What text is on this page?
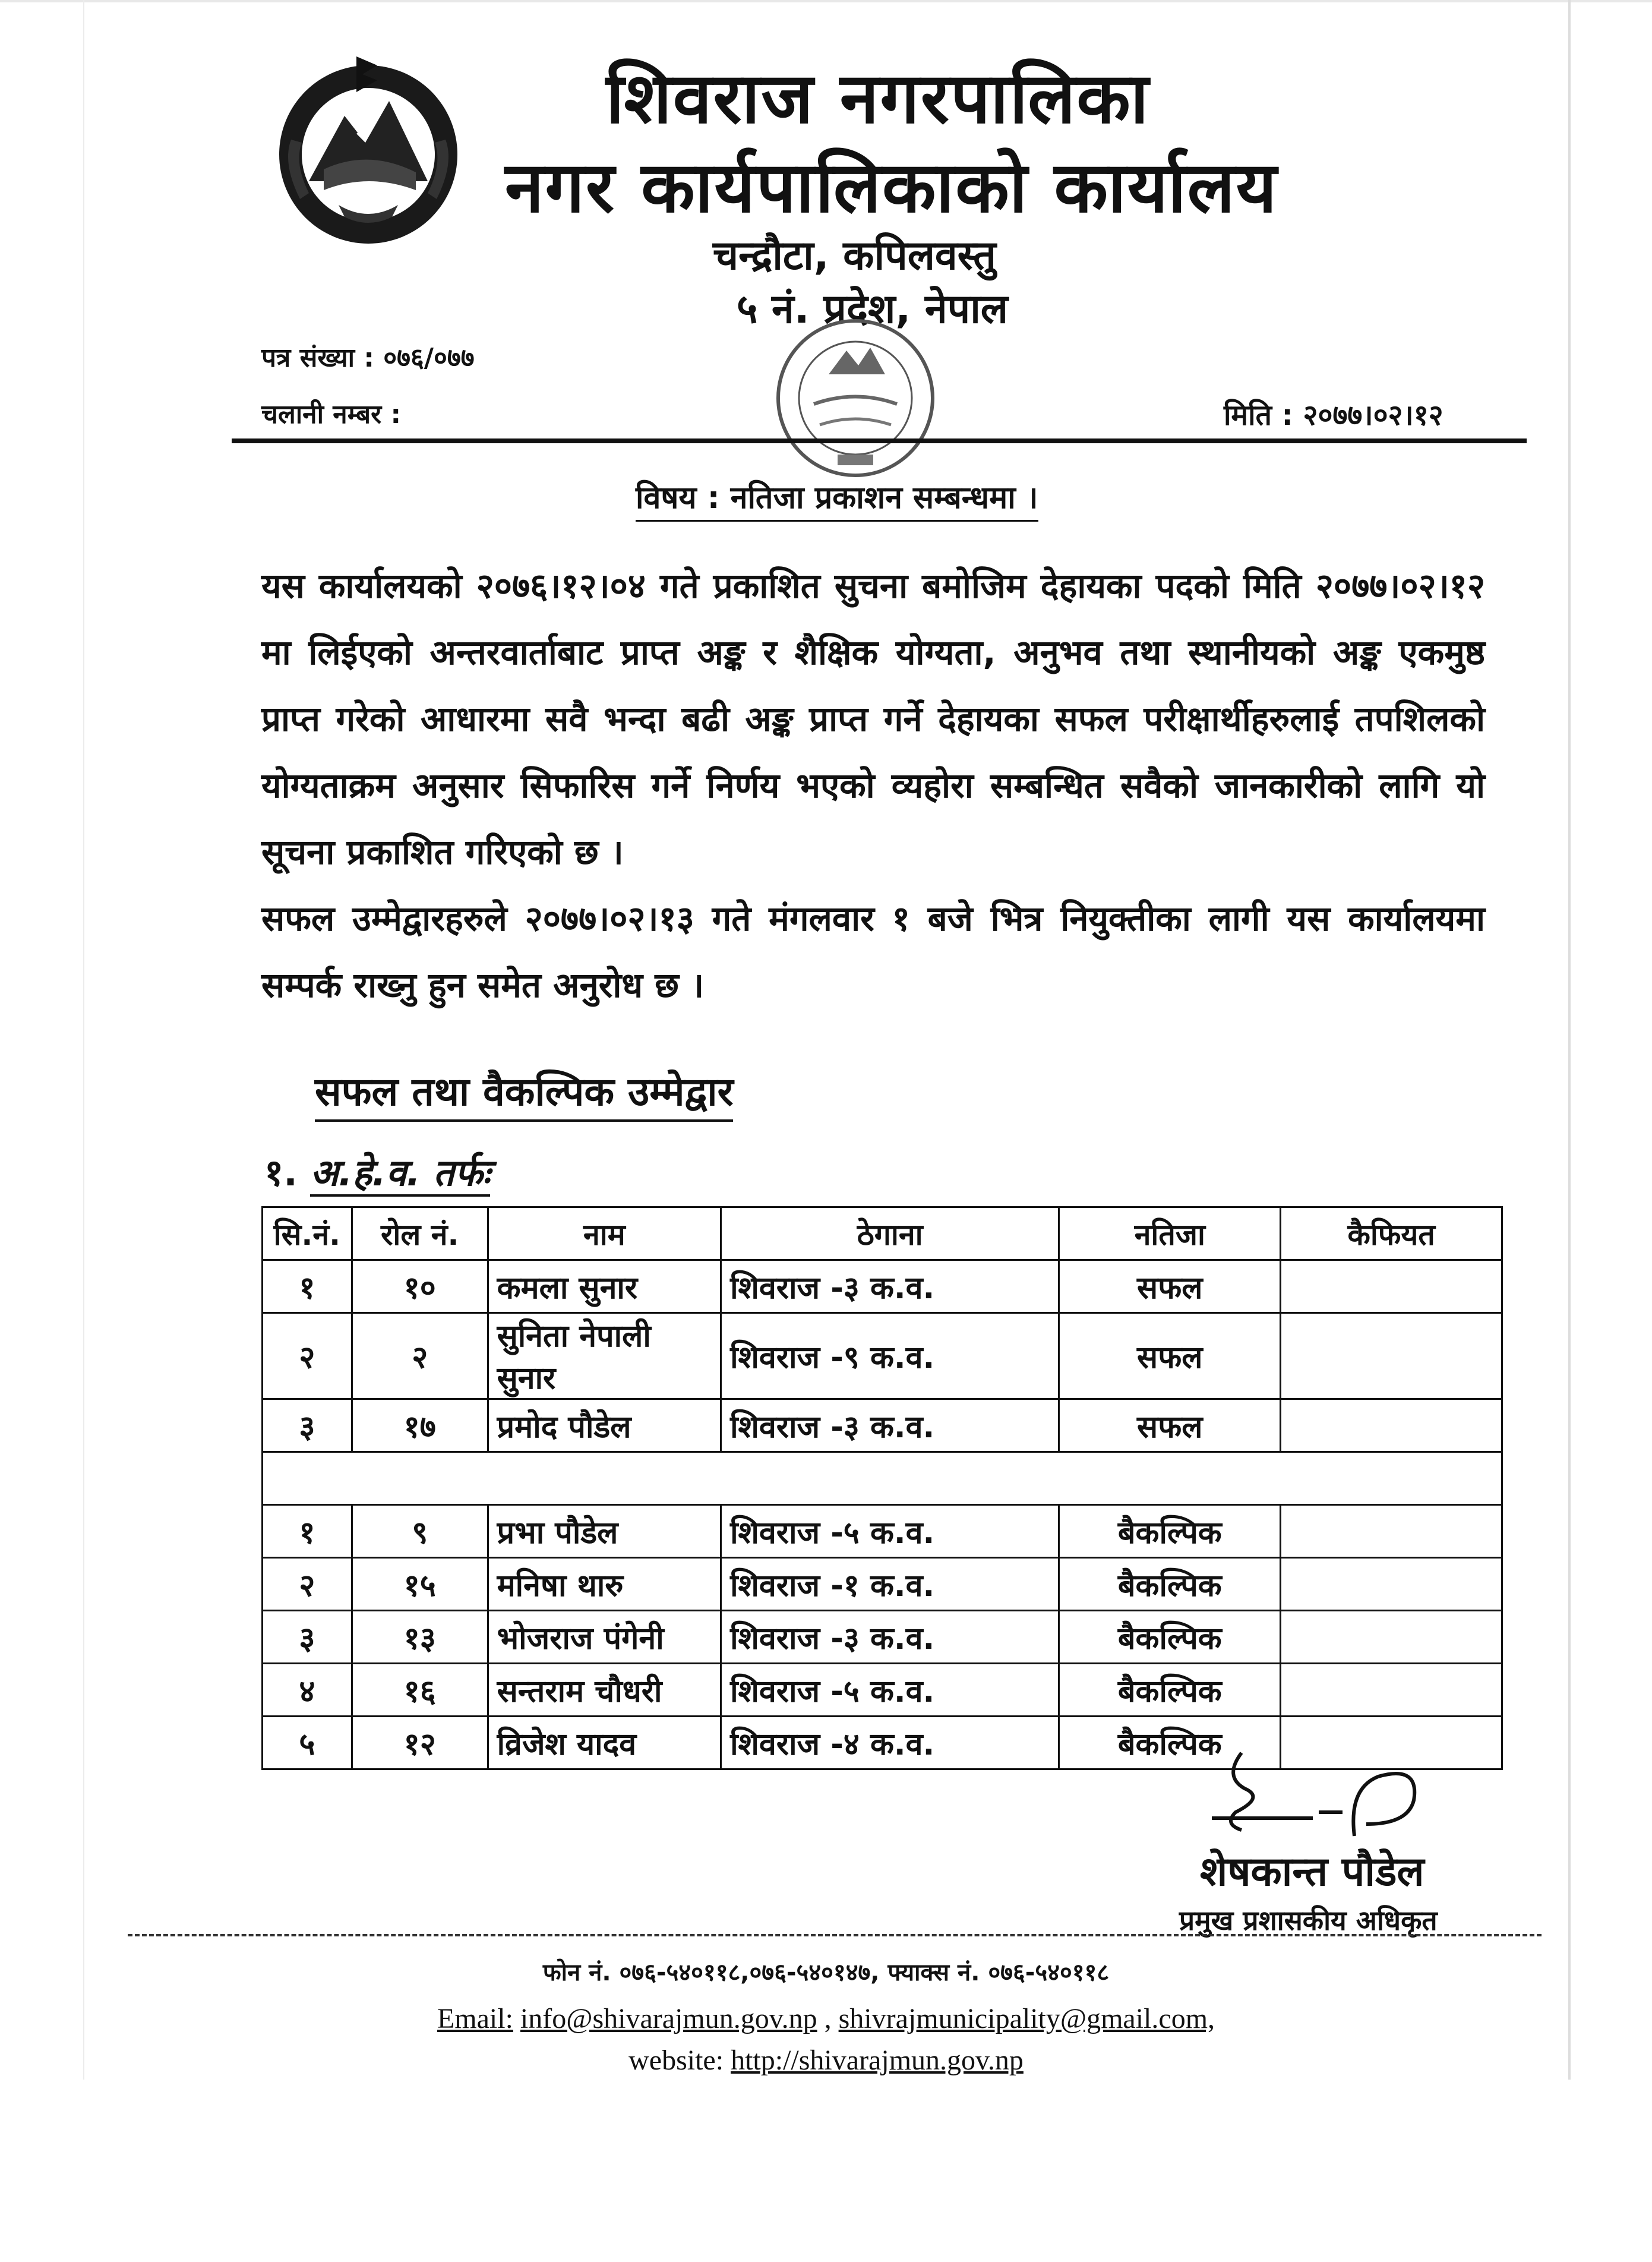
शिवराज नगरपालिका
नगर कार्यपालिकाको कार्यालय
चन्द्रौटा, कपिलवस्तु
५ नं. प्रदेश, नेपाल
पत्र संख्या : ०७६/०७७
चलानी नम्बर :	मिति : २०७७।०२।१२
विषय : नतिजा प्रकाशन सम्बन्धमा ।

यस कार्यालयको २०७६।१२।०४ गते प्रकाशित सुचना बमोजिम देहायका पदको मिति २०७७।०२।१२ मा लिईएको अन्तरवार्ताबाट प्राप्त अङ्क र शैक्षिक योग्यता, अनुभव तथा स्थानीयको अङ्क एकमुष्ठ प्राप्त गरेको आधारमा सवै भन्दा बढी अङ्क प्राप्त गर्ने देहायका सफल परीक्षार्थीहरुलाई तपशिलको योग्यताक्रम अनुसार सिफारिस गर्ने निर्णय भएको व्यहोरा सम्बन्धित सवैको जानकारीको लागि यो सूचना प्रकाशित गरिएको छ ।

सफल उम्मेद्वारहरुले २०७७।०२।१३ गते मंगलवार १ बजे भित्र नियुक्तीका लागी यस कार्यालयमा सम्पर्क राख्नु हुन समेत अनुरोध छ ।

सफल तथा वैकल्पिक उम्मेद्वार
१. अ.हे.व. तर्फः
सि.नं.	रोल नं.	नाम	ठेगाना	नतिजा	कैफियत
१	१०	कमला सुनार	शिवराज -३ क.व.	सफल	
२	२	सुनिता नेपाली सुनार	शिवराज -९ क.व.	सफल	
३	१७	प्रमोद पौडेल	शिवराज -३ क.व.	सफल	

१	९	प्रभा पौडेल	शिवराज -५ क.व.	बैकल्पिक	
२	१५	मनिषा थारु	शिवराज -१ क.व.	बैकल्पिक	
३	१३	भोजराज पंगेनी	शिवराज -३ क.व.	बैकल्पिक	
४	१६	सन्तराम चौधरी	शिवराज -५ क.व.	बैकल्पिक	
५	१२	व्रिजेश यादव	शिवराज -४ क.व.	बैकल्पिक	
शेषकान्त पौडेल
प्रमुख प्रशासकीय अधिकृत
फोन नं. ०७६-५४०११८,०७६-५४०१४७, फ्याक्स नं. ०७६-५४०११८
Email: info@shivarajmun.gov.np , shivrajmunicipality@gmail.com,
website: http://shivarajmun.gov.np
